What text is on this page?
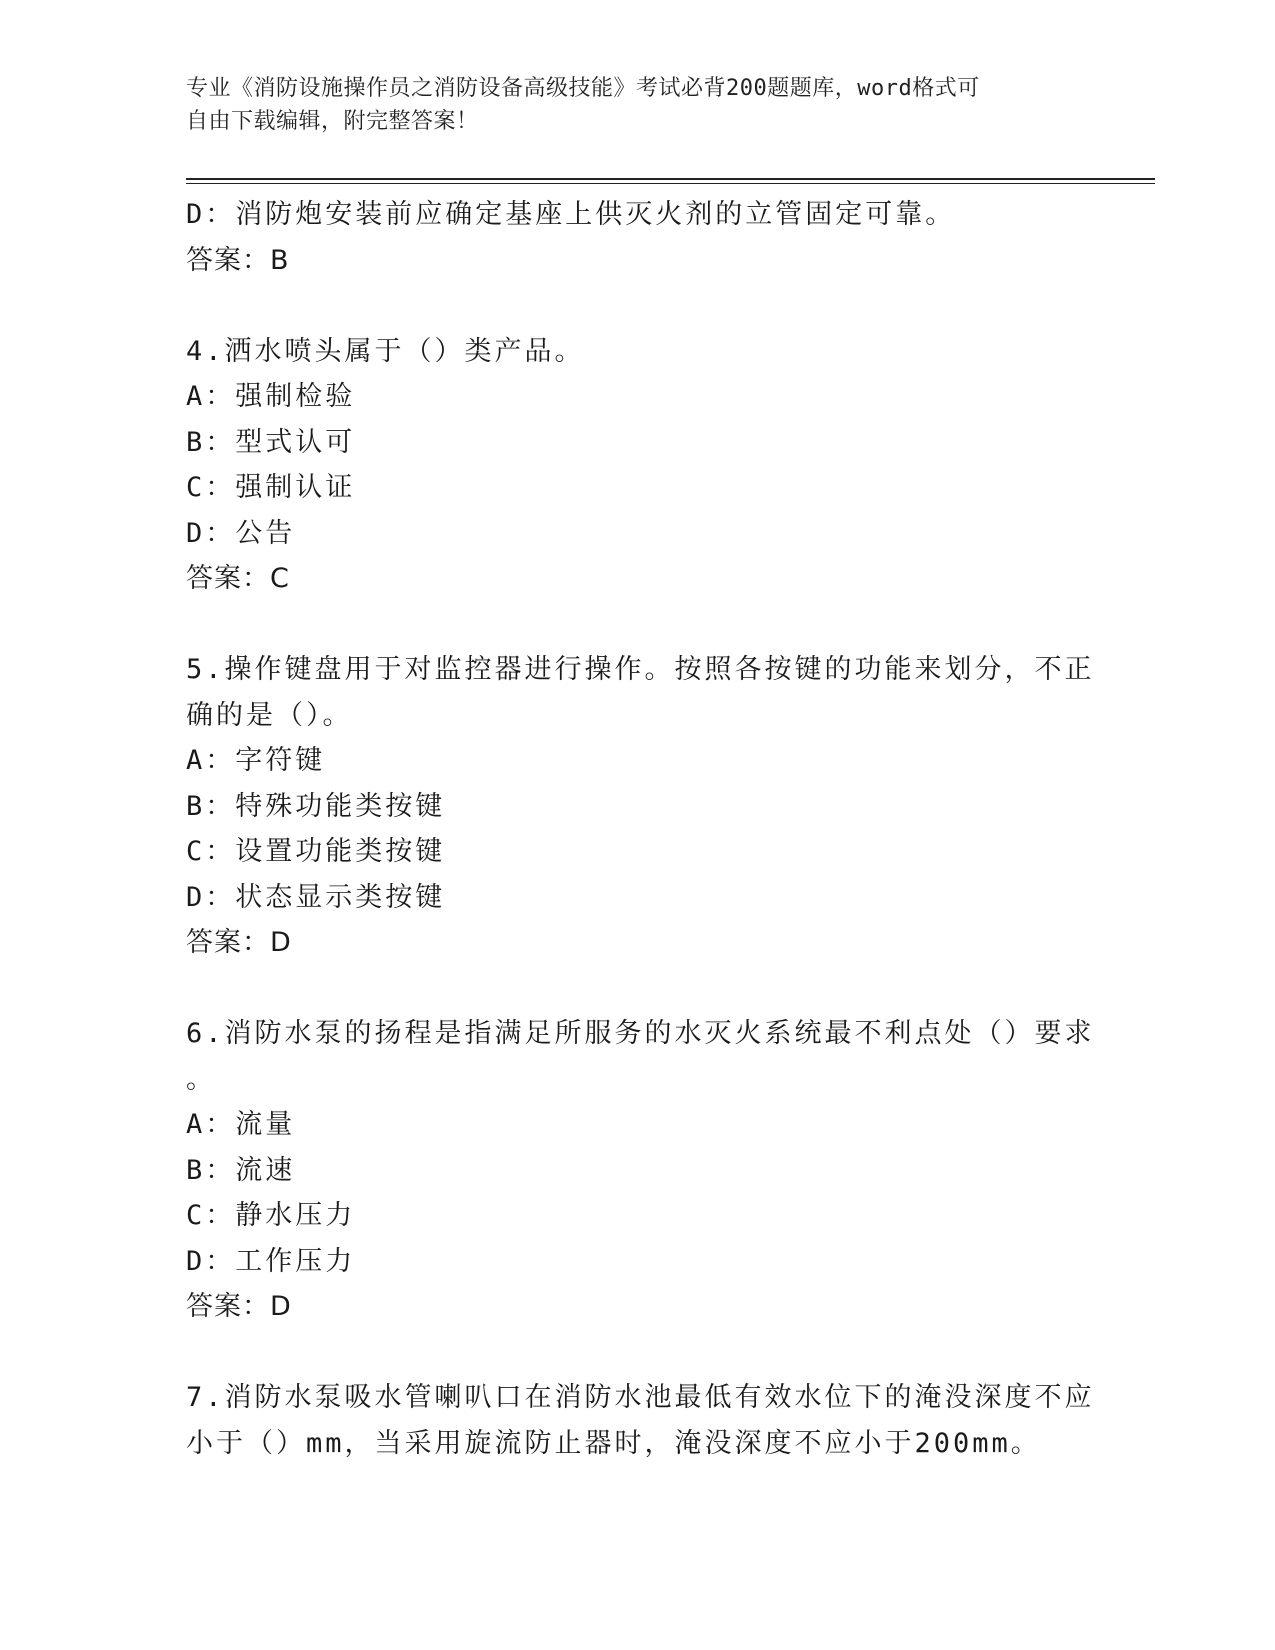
专业《消防设施操作员之消防设备高级技能》考试必背200题题库，word格式可
自由下载编辑，附完整答案！
D：消防炮安装前应确定基座上供灭火剂的立管固定可靠。
答案：B
4.洒水喷头属于（）类产品。
A：强制检验
B：型式认可
C：强制认证
D：公告
答案：C
5.操作键盘用于对监控器进行操作。按照各按键的功能来划分，不正
确的是（）。
A：字符键
B：特殊功能类按键
C：设置功能类按键
D：状态显示类按键
答案：D
6.消防水泵的扬程是指满足所服务的水灭火系统最不利点处（）要求
。
A：流量
B：流速
C：静水压力
D：工作压力
答案：D
7.消防水泵吸水管喇叭口在消防水池最低有效水位下的淹没深度不应
小于（）mm，当采用旋流防止器时，淹没深度不应小于200mm。
